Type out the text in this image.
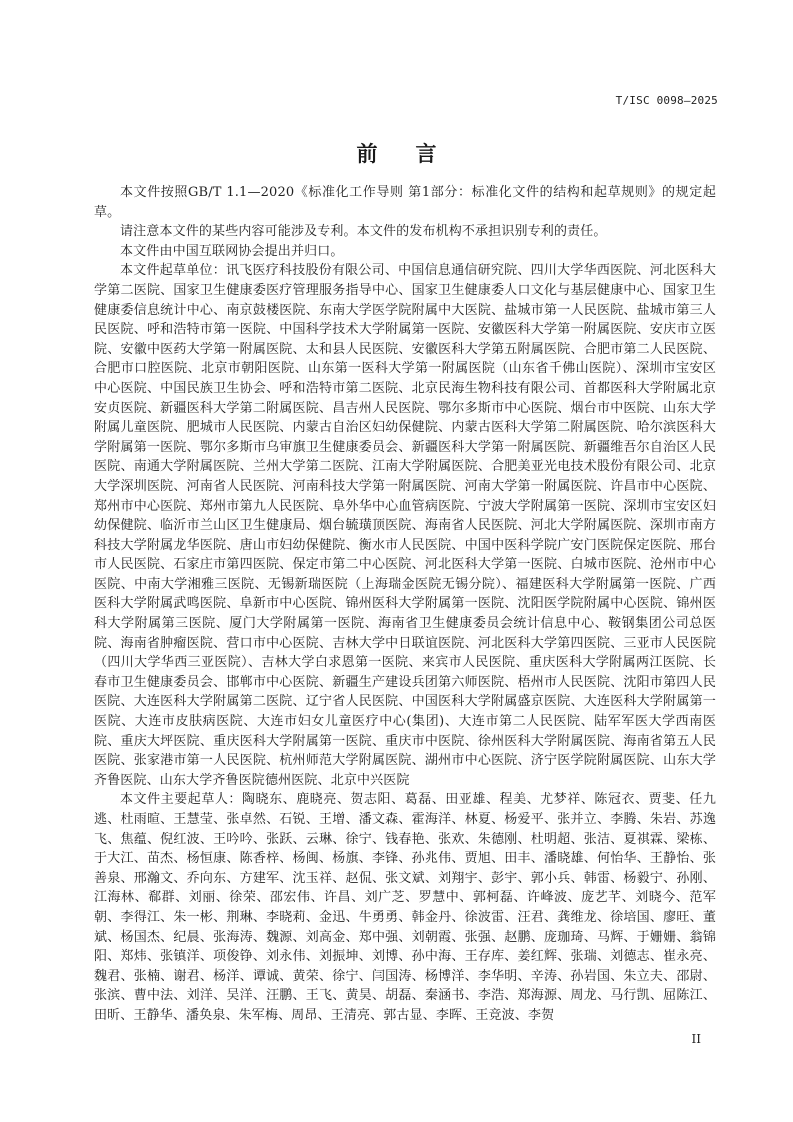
T/ISC 0098—2025
前言

本文件按照GB/T 1.1—2020《标准化工作导则 第1部分：标准化文件的结构和起草规则》的规定起草。

请注意本文件的某些内容可能涉及专利。本文件的发布机构不承担识别专利的责任。

本文件由中国互联网协会提出并归口。

本文件起草单位：讯飞医疗科技股份有限公司、中国信息通信研究院、四川大学华西医院、河北医科大学第二医院、国家卫生健康委医疗管理服务指导中心、国家卫生健康委人口文化与基层健康中心、国家卫生健康委信息统计中心、南京鼓楼医院、东南大学医学院附属中大医院、盐城市第一人民医院、盐城市第三人民医院、呼和浩特市第一医院、中国科学技术大学附属第一医院、安徽医科大学第一附属医院、安庆市立医院、安徽中医药大学第一附属医院、太和县人民医院、安徽医科大学第五附属医院、合肥市第二人民医院、合肥市口腔医院、北京市朝阳医院、山东第一医科大学第一附属医院（山东省千佛山医院）、深圳市宝安区中心医院、中国民族卫生协会、呼和浩特市第二医院、北京民海生物科技有限公司、首都医科大学附属北京安贞医院、新疆医科大学第二附属医院、昌吉州人民医院、鄂尔多斯市中心医院、烟台市中医院、山东大学附属儿童医院、肥城市人民医院、内蒙古自治区妇幼保健院、内蒙古医科大学第二附属医院、哈尔滨医科大学附属第一医院、鄂尔多斯市乌审旗卫生健康委员会、新疆医科大学第一附属医院、新疆维吾尔自治区人民医院、南通大学附属医院、兰州大学第二医院、江南大学附属医院、合肥美亚光电技术股份有限公司、北京大学深圳医院、河南省人民医院、河南科技大学第一附属医院、河南大学第一附属医院、许昌市中心医院、郑州市中心医院、郑州市第九人民医院、阜外华中心血管病医院、宁波大学附属第一医院、深圳市宝安区妇幼保健院、临沂市兰山区卫生健康局、烟台毓璜顶医院、海南省人民医院、河北大学附属医院、深圳市南方科技大学附属龙华医院、唐山市妇幼保健院、衡水市人民医院、中国中医科学院广安门医院保定医院、邢台市人民医院、石家庄市第四医院、保定市第二中心医院、河北医科大学第一医院、白城市医院、沧州市中心医院、中南大学湘雅三医院、无锡新瑞医院（上海瑞金医院无锡分院）、福建医科大学附属第一医院、广西医科大学附属武鸣医院、阜新市中心医院、锦州医科大学附属第一医院、沈阳医学院附属中心医院、锦州医科大学附属第三医院、厦门大学附属第一医院、海南省卫生健康委员会统计信息中心、鞍钢集团公司总医院、海南省肿瘤医院、营口市中心医院、吉林大学中日联谊医院、河北医科大学第四医院、三亚市人民医院（四川大学华西三亚医院）、吉林大学白求恩第一医院、来宾市人民医院、重庆医科大学附属两江医院、长春市卫生健康委员会、邯郸市中心医院、新疆生产建设兵团第六师医院、梧州市人民医院、沈阳市第四人民医院、大连医科大学附属第二医院、辽宁省人民医院、中国医科大学附属盛京医院、大连医科大学附属第一医院、大连市皮肤病医院、大连市妇女儿童医疗中心(集团)、大连市第二人民医院、陆军军医大学西南医院、重庆大坪医院、重庆医科大学附属第一医院、重庆市中医院、徐州医科大学附属医院、海南省第五人民医院、张家港市第一人民医院、杭州师范大学附属医院、湖州市中心医院、济宁医学院附属医院、山东大学齐鲁医院、山东大学齐鲁医院德州医院、北京中兴医院

本文件主要起草人：陶晓东、鹿晓亮、贺志阳、葛磊、田亚雄、程美、尤梦祥、陈冠衣、贾斐、任九逃、杜雨暄、王慧莹、张卓然、石锐、王增、潘文森、霍海洋、林夏、杨爱平、张并立、李腾、朱岩、苏逸飞、焦蕴、倪红波、王吟吟、张跃、云琳、徐宁、钱春艳、张欢、朱德刚、杜明超、张洁、夏祺霖、梁栋、于大江、苗杰、杨恒康、陈香梓、杨闽、杨旗、李锋、孙兆伟、贾旭、田丰、潘晓雄、何怡华、王静怡、张善泉、邢瀚文、乔向东、方建军、沈玉祥、赵侃、张文斌、刘翔宇、彭宇、郭小兵、韩雷、杨毅宁、孙刚、江海林、郗群、刘丽、徐荣、邵宏伟、许昌、刘广芝、罗慧中、郭柯磊、许峰波、庞艺芊、刘晓今、范军朝、李得江、朱一彬、荆琳、李晓莉、金迅、牛勇勇、韩金丹、徐波雷、汪君、龚维龙、徐培国、廖旺、董斌、杨国杰、纪晨、张海涛、魏源、刘高金、郑中强、刘朝霞、张强、赵鹏、庞珈琦、马辉、于姗姗、翁锦阳、郑炜、张镇洋、项俊铮、刘永伟、刘振坤、刘博、孙中海、王存库、姜红辉、张瑞、刘德志、崔永亮、魏君、张楠、谢君、杨洋、谭诚、黄荣、徐宁、闫国涛、杨博洋、李华明、辛涛、孙岩国、朱立夫、邵尉、张滨、曹中法、刘洋、吴洋、汪鹏、王飞、黄昊、胡磊、秦涵书、李浩、郑海源、周龙、马行凯、屈陈江、田昕、王静华、潘奂泉、朱军梅、周昂、王清亮、郭古显、李晖、王竞波、李贺

II
